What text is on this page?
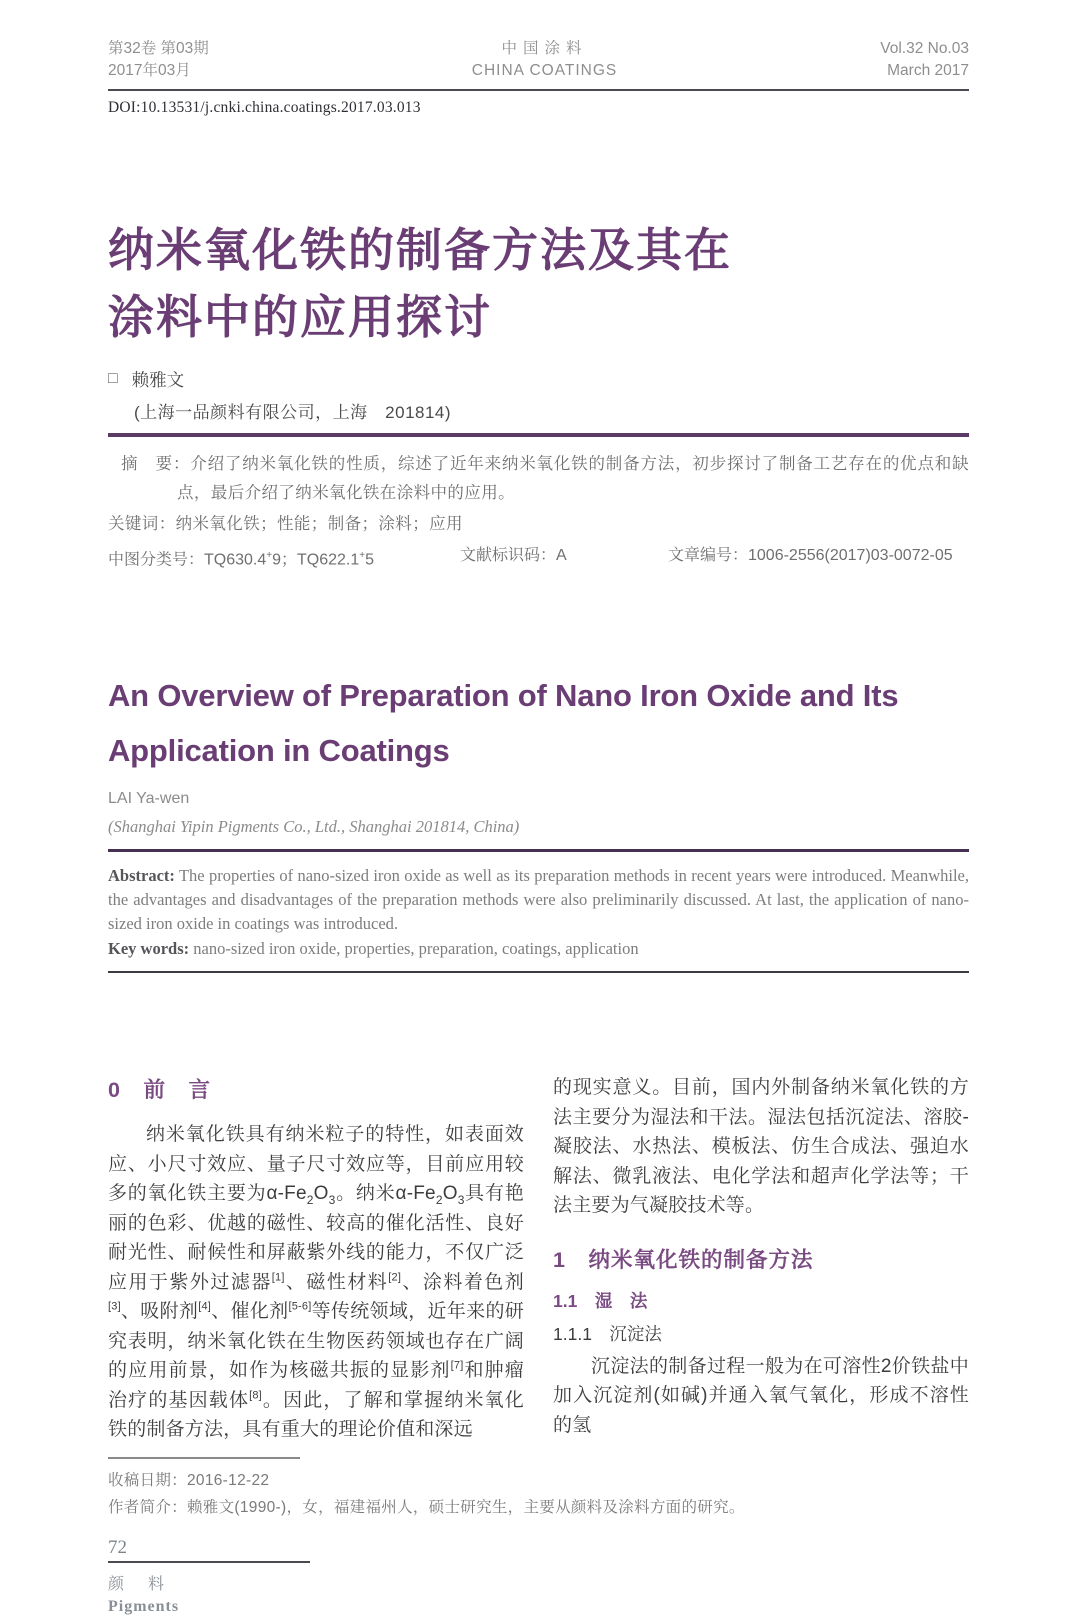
第32卷 第03期
2017年03月
中国涂料
CHINA COATINGS
Vol.32 No.03
March 2017
DOI:10.13531/j.cnki.china.coatings.2017.03.013
纳米氧化铁的制备方法及其在
涂料中的应用探讨
□ 赖雅文
(上海一品颜料有限公司，上海　201814)
摘　要：介绍了纳米氧化铁的性质，综述了近年来纳米氧化铁的制备方法，初步探讨了制备工艺存在的优点和缺点，最后介绍了纳米氧化铁在涂料中的应用。
关键词：纳米氧化铁；性能；制备；涂料；应用
中图分类号：TQ630.4+9；TQ622.1+5	文献标识码：A	文章编号：1006-2556(2017)03-0072-05
An Overview of Preparation of Nano Iron Oxide and Its
Application in Coatings
LAI Ya-wen
(Shanghai Yipin Pigments Co., Ltd., Shanghai 201814, China)
Abstract: The properties of nano-sized iron oxide as well as its preparation methods in recent years were introduced. Meanwhile, the advantages and disadvantages of the preparation methods were also preliminarily discussed. At last, the application of nano-sized iron oxide in coatings was introduced.
Key words: nano-sized iron oxide, properties, preparation, coatings, application
0　前　言
纳米氧化铁具有纳米粒子的特性，如表面效应、小尺寸效应、量子尺寸效应等，目前应用较多的氧化铁主要为$\alpha-Fe_2O_3$。纳米$\alpha-Fe_2O_3$具有艳丽的色彩、优越的磁性、较高的催化活性、良好耐光性、耐候性和屏蔽紫外线的能力，不仅广泛应用于紫外过滤器[1]、磁性材料[2]、涂料着色剂[3]、吸附剂[4]、催化剂[5-6]等传统领域，近年来的研究表明，纳米氧化铁在生物医药领域也存在广阔的应用前景，如作为核磁共振的显影剂[7]和肿瘤治疗的基因载体[8]。因此，了解和掌握纳米氧化铁的制备方法，具有重大的理论价值和深远
的现实意义。目前，国内外制备纳米氧化铁的方法主要分为湿法和干法。湿法包括沉淀法、溶胶-凝胶法、水热法、模板法、仿生合成法、强迫水解法、微乳液法、电化学法和超声化学法等；干法主要为气凝胶技术等。
1　纳米氧化铁的制备方法
1.1　湿　法
1.1.1　沉淀法
沉淀法的制备过程一般为在可溶性2价铁盐中加入沉淀剂(如碱)并通入氧气氧化，形成不溶性的氢
收稿日期：2016-12-22
作者简介：赖雅文(1990-)，女，福建福州人，硕士研究生，主要从颜料及涂料方面的研究。
72
颜　料
Pigments
